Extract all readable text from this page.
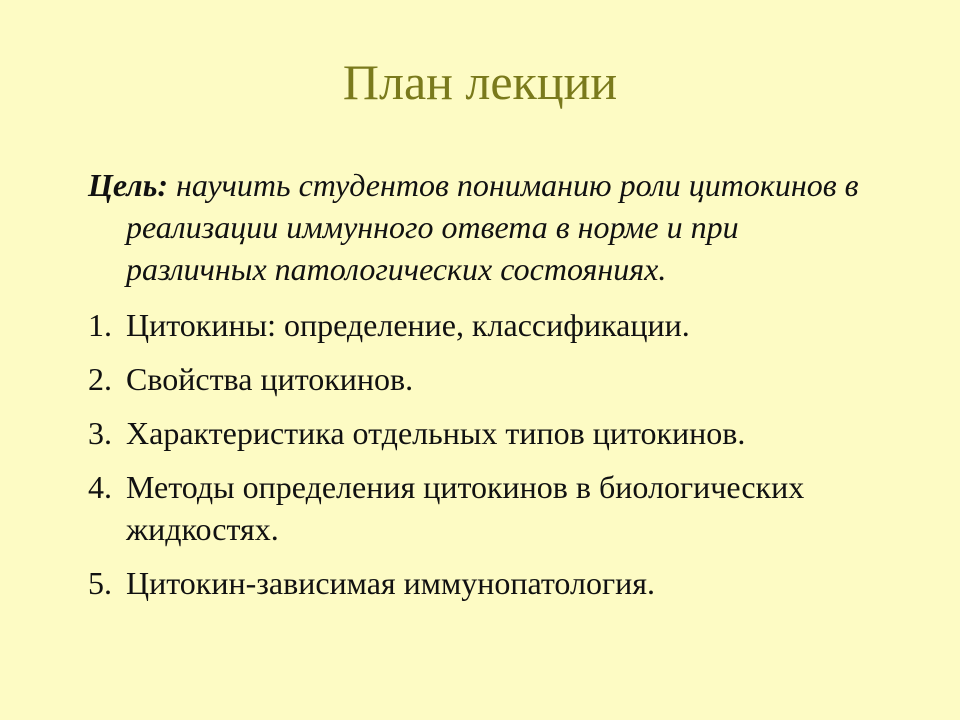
План лекции
Цель: научить студентов пониманию роли цитокинов в реализации иммунного ответа в норме и при различных патологических состояниях.
1. Цитокины: определение, классификации.
2. Свойства цитокинов.
3. Характеристика отдельных типов цитокинов.
4. Методы определения цитокинов в биологических жидкостях.
5. Цитокин-зависимая иммунопатология.
